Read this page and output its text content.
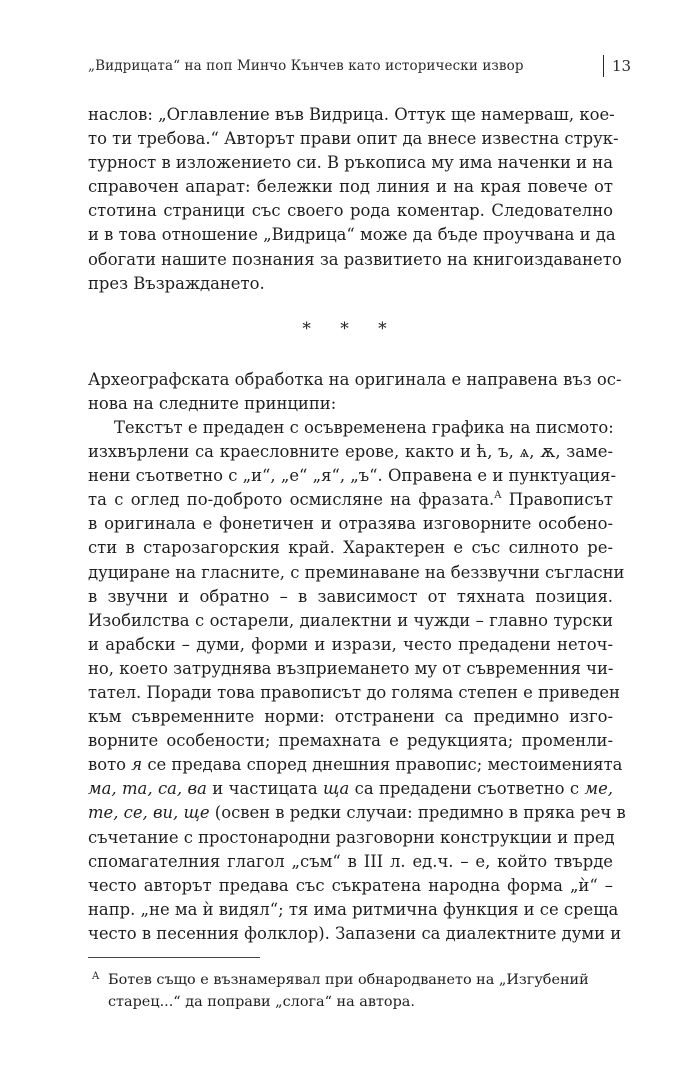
„Видрицата“ на поп Минчо Кънчев като исторически извор	13
наслов: „Оглавление във Видрица. Оттук ще намерваш, кое-
то ти требова.“ Авторът прави опит да внесе известна струк-
турност в изложението си. В ръкописа му има наченки и на
справочен апарат: бележки под линия и на края повече от
стотина страници със своего рода коментар. Следователно
и в това отношение „Видрица“ може да бъде проучвана и да
обогати нашите познания за развитието на книгоиздаването
през Възраждането.
* * *
Археографската обработка на оригинала е направена въз ос-
нова на следните принципи:
Текстът е предаден с осъвременена графика на писмото:
изхвърлени са краесловните ерове, както и ћ, ъ, ѧ, ѫ, заме-
нени съответно с „и“, „е“ „я“, „ъ“. Оправена е и пунктуация-
та с оглед по-доброто осмисляне на фразата.$^A$ Правописът
в оригинала е фонетичен и отразява изговорните особено-
сти в старозагорския край. Характерен е със силното ре-
дуциране на гласните, с преминаване на беззвучни съгласни
в звучни и обратно – в зависимост от тяхната позиция.
Изобилства с остарели, диалектни и чужди – главно турски
и арабски – думи, форми и изрази, често предадени неточ-
но, което затруднява възприемането му от съвременния чи-
тател. Поради това правописът до голяма степен е приведен
към съвременните норми: отстранени са предимно изго-
ворните особености; премахната е редукцията; променли-
вото я се предава според днешния правопис; местоименията
ма, та, са, ва и частицата ща са предадени съответно с ме,
те, се, ви, ще (освен в редки случаи: предимно в пряка реч в
съчетание с простонародни разговорни конструкции и пред
спомагателния глагол „съм“ в III л. ед.ч. – е, който твърде
често авторът предава със съкратена народна форма „ѝ“ –
напр. „не ма ѝ видял“; тя има ритмична функция и се среща
често в песенния фолклор). Запазени са диалектните думи и
A Ботев също е възнамерявал при обнародването на „Изгубений
старец...“ да поправи „слога“ на автора.
